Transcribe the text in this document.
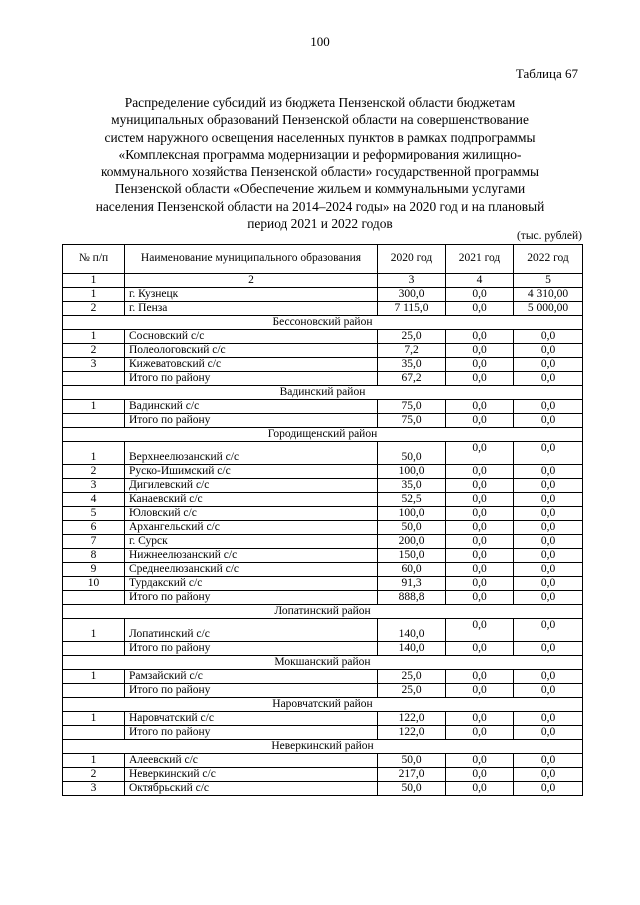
100
Таблица 67
Распределение субсидий из бюджета Пензенской области бюджетам
муниципальных образований Пензенской области на совершенствование
систем наружного освещения населенных пунктов в рамках подпрограммы
«Комплексная программа модернизации и реформирования жилищно-
коммунального хозяйства Пензенской области» государственной программы
Пензенской области «Обеспечение жильем и коммунальными услугами
населения Пензенской области на 2014–2024 годы» на 2020 год и на плановый
период 2021 и 2022 годов
(тыс. рублей)
№ п/п	Наименование муниципального образования	2020 год	2021 год	2022 год
1	2	3	4	5
1	г. Кузнецк	300,0	0,0	4 310,00
2	г. Пенза	7 115,0	0,0	5 000,00
Бессоновский район				
1	Сосновский с/с	25,0	0,0	0,0
2	Полеологовский с/с	7,2	0,0	0,0
3	Кижеватовский с/с	35,0	0,0	0,0
	Итого по району	67,2	0,0	0,0
Вадинский район				
1	Вадинский с/с	75,0	0,0	0,0
	Итого по району	75,0	0,0	0,0
Городищенский район				
1	Верхнеелюзанский с/с	50,0	0,0	0,0
2	Руско-Ишимский с/с	100,0	0,0	0,0
3	Дигилевский с/с	35,0	0,0	0,0
4	Канаевский с/с	52,5	0,0	0,0
5	Юловский с/с	100,0	0,0	0,0
6	Архангельский с/с	50,0	0,0	0,0
7	г. Сурск	200,0	0,0	0,0
8	Нижнеелюзанский с/с	150,0	0,0	0,0
9	Среднеелюзанский с/с	60,0	0,0	0,0
10	Турдакский с/с	91,3	0,0	0,0
	Итого по району	888,8	0,0	0,0
Лопатинский район				
1	Лопатинский с/с	140,0	0,0	0,0
	Итого по району	140,0	0,0	0,0
Мокшанский район				
1	Рамзайский с/с	25,0	0,0	0,0
	Итого по району	25,0	0,0	0,0
Наровчатский район				
1	Наровчатский с/с	122,0	0,0	0,0
	Итого по району	122,0	0,0	0,0
Неверкинский район				
1	Алеевский с/с	50,0	0,0	0,0
2	Неверкинский с/с	217,0	0,0	0,0
3	Октябрьский с/с	50,0	0,0	0,0
